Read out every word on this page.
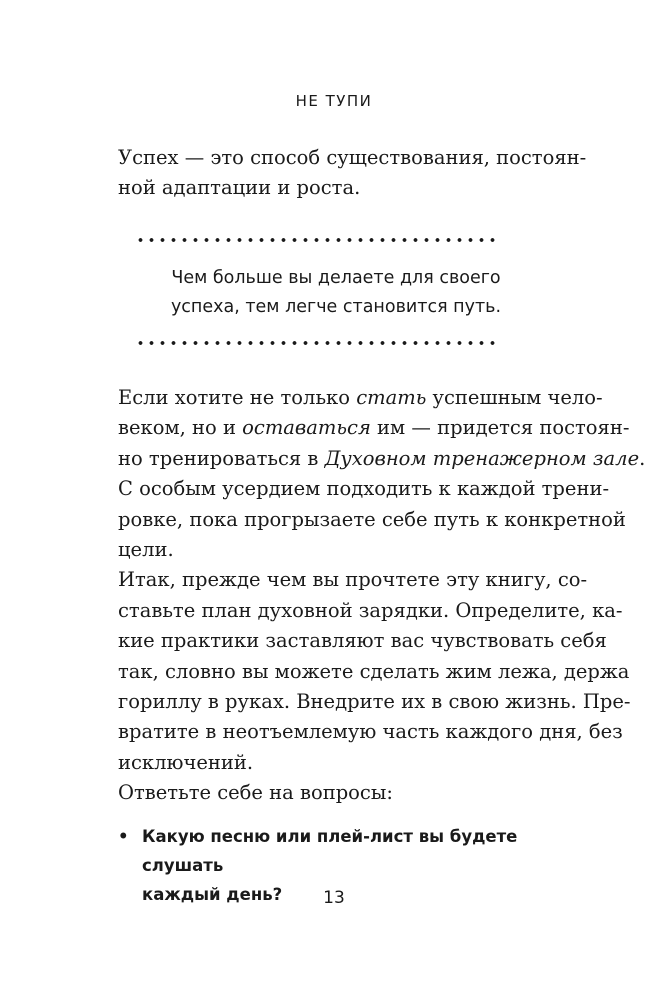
НЕ ТУПИ

Успех — это способ существования, постоян-
ной адаптации и роста.

Чем больше вы делаете для своего
успеха, тем легче становится путь.

Если хотите не только стать успешным чело-
веком, но и оставаться им — придется постоян-
но тренироваться в Духовном тренажерном зале.
С особым усердием подходить к каждой трени-
ровке, пока прогрызаете себе путь к конкретной
цели.

Итак, прежде чем вы прочтете эту книгу, со-
ставьте план духовной зарядки. Определите, ка-
кие практики заставляют вас чувствовать себя
так, словно вы можете сделать жим лежа, держа
гориллу в руках. Внедрите их в свою жизнь. Пре-
вратите в неотъемлемую часть каждого дня, без
исключений.

Ответьте себе на вопросы:

• Какую песню или плей-лист вы будете слушать
каждый день?	13
